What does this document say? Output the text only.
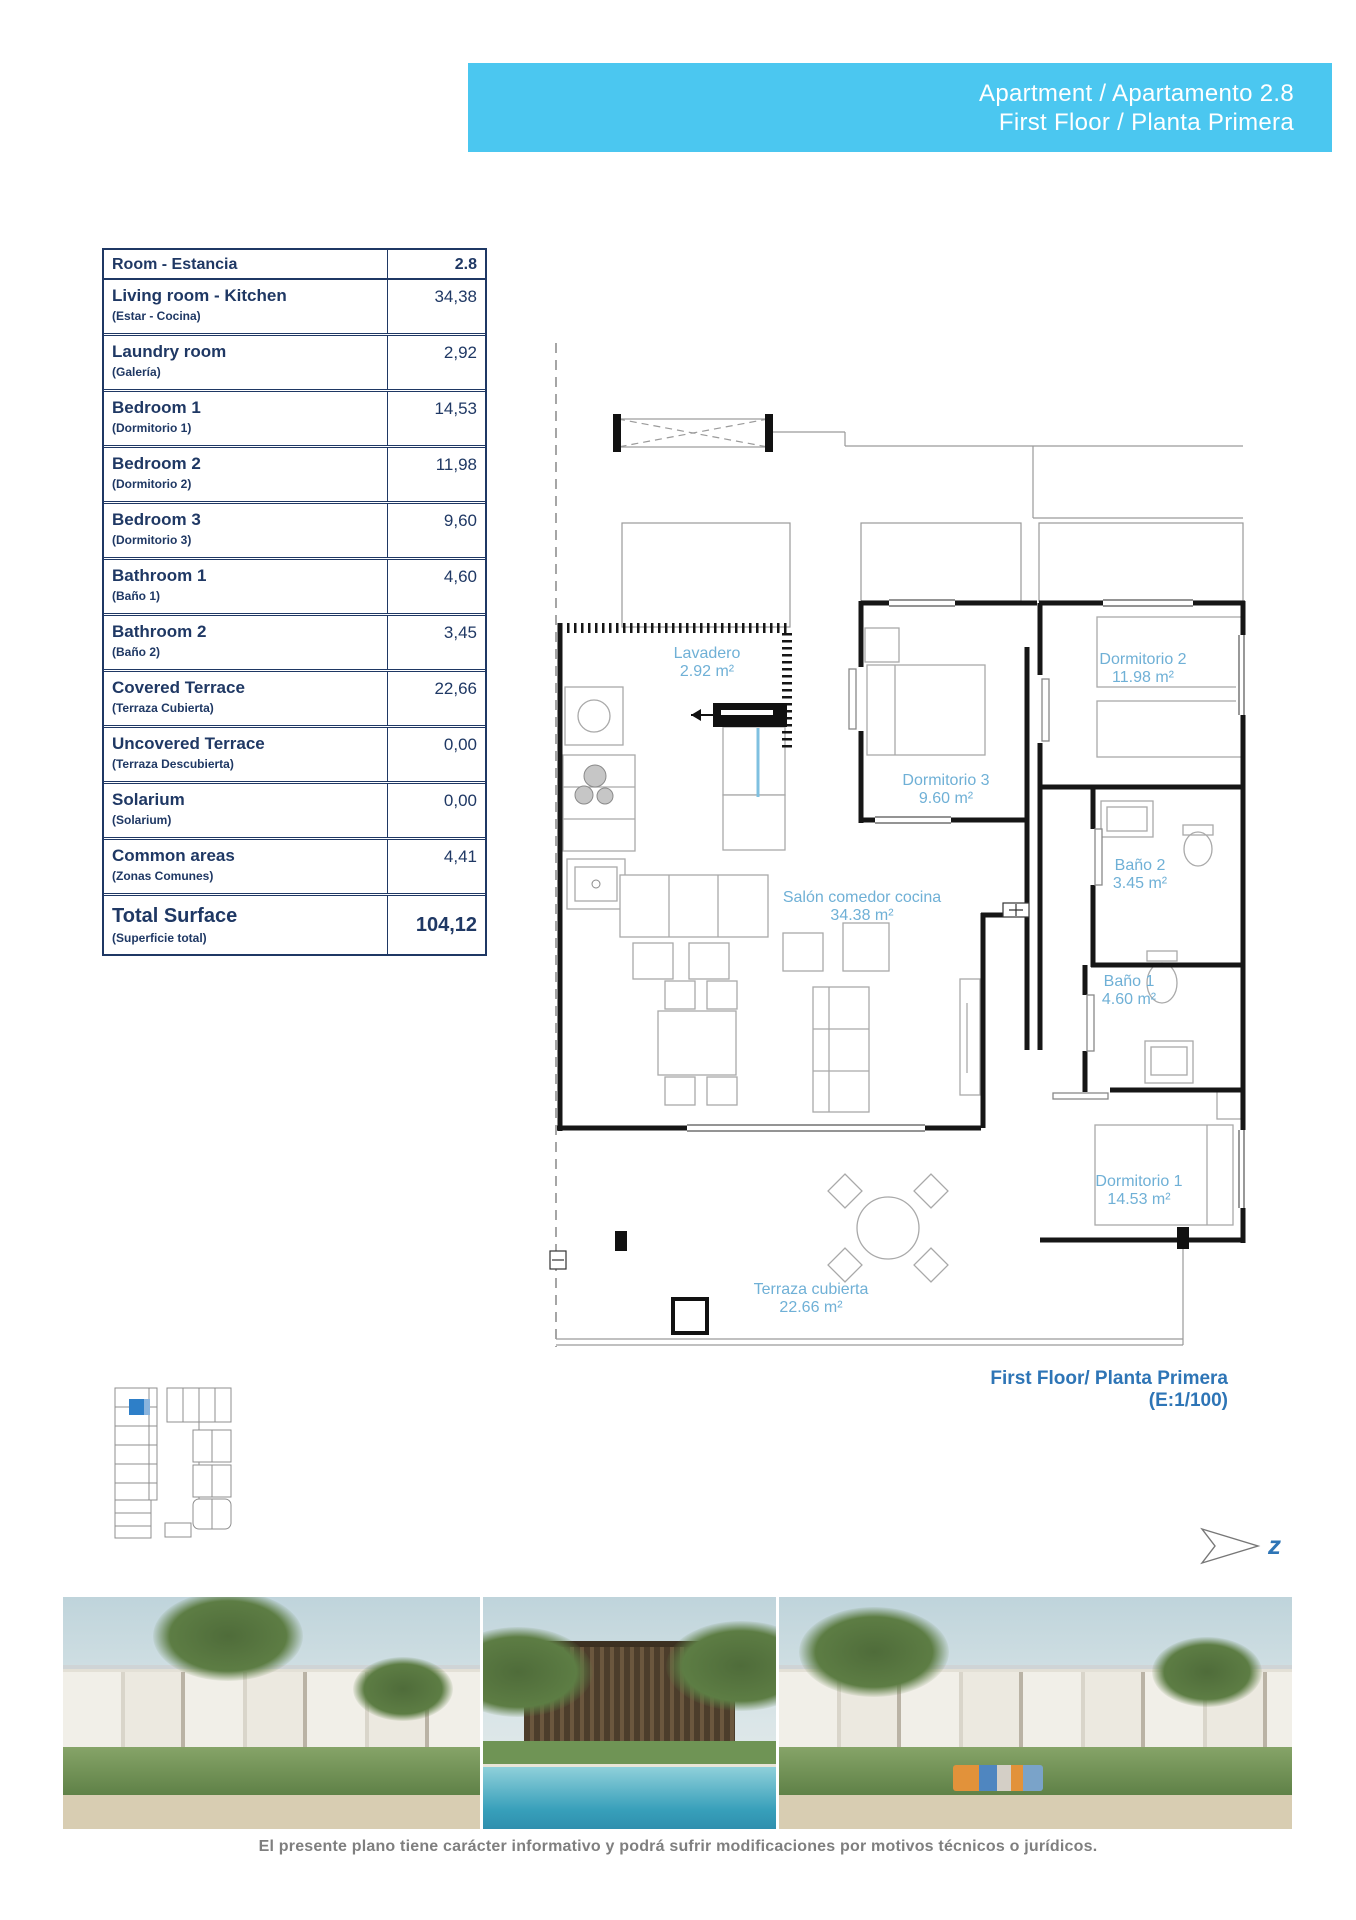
Apartment / Apartamento 2.8
First Floor / Planta Primera
Room - Estancia	2.8
Living room - Kitchen
(Estar - Cocina)
34,38
Laundry room
(Galería)
2,92
Bedroom 1
(Dormitorio 1)
14,53
Bedroom 2
(Dormitorio 2)
11,98
Bedroom 3
(Dormitorio 3)
9,60
Bathroom 1
(Baño 1)
4,60
Bathroom 2
(Baño 2)
3,45
Covered Terrace
(Terraza Cubierta)
22,66
Uncovered Terrace
(Terraza Descubierta)
0,00
Solarium
(Solarium)
0,00
Common areas
(Zonas Comunes)
4,41
Total Surface
(Superficie total)
104,12
Lavadero
2.92 m²
Dormitorio 3
9.60 m²
Dormitorio 2
11.98 m²
Baño 2
3.45 m²
Baño 1
4.60 m²
Salón comedor cocina
34.38 m²
Dormitorio 1
14.53 m²
Terraza cubierta
22.66 m²
First Floor/ Planta Primera
(E:1/100)
z
El presente plano tiene carácter informativo y podrá sufrir modificaciones por motivos técnicos o jurídicos.
